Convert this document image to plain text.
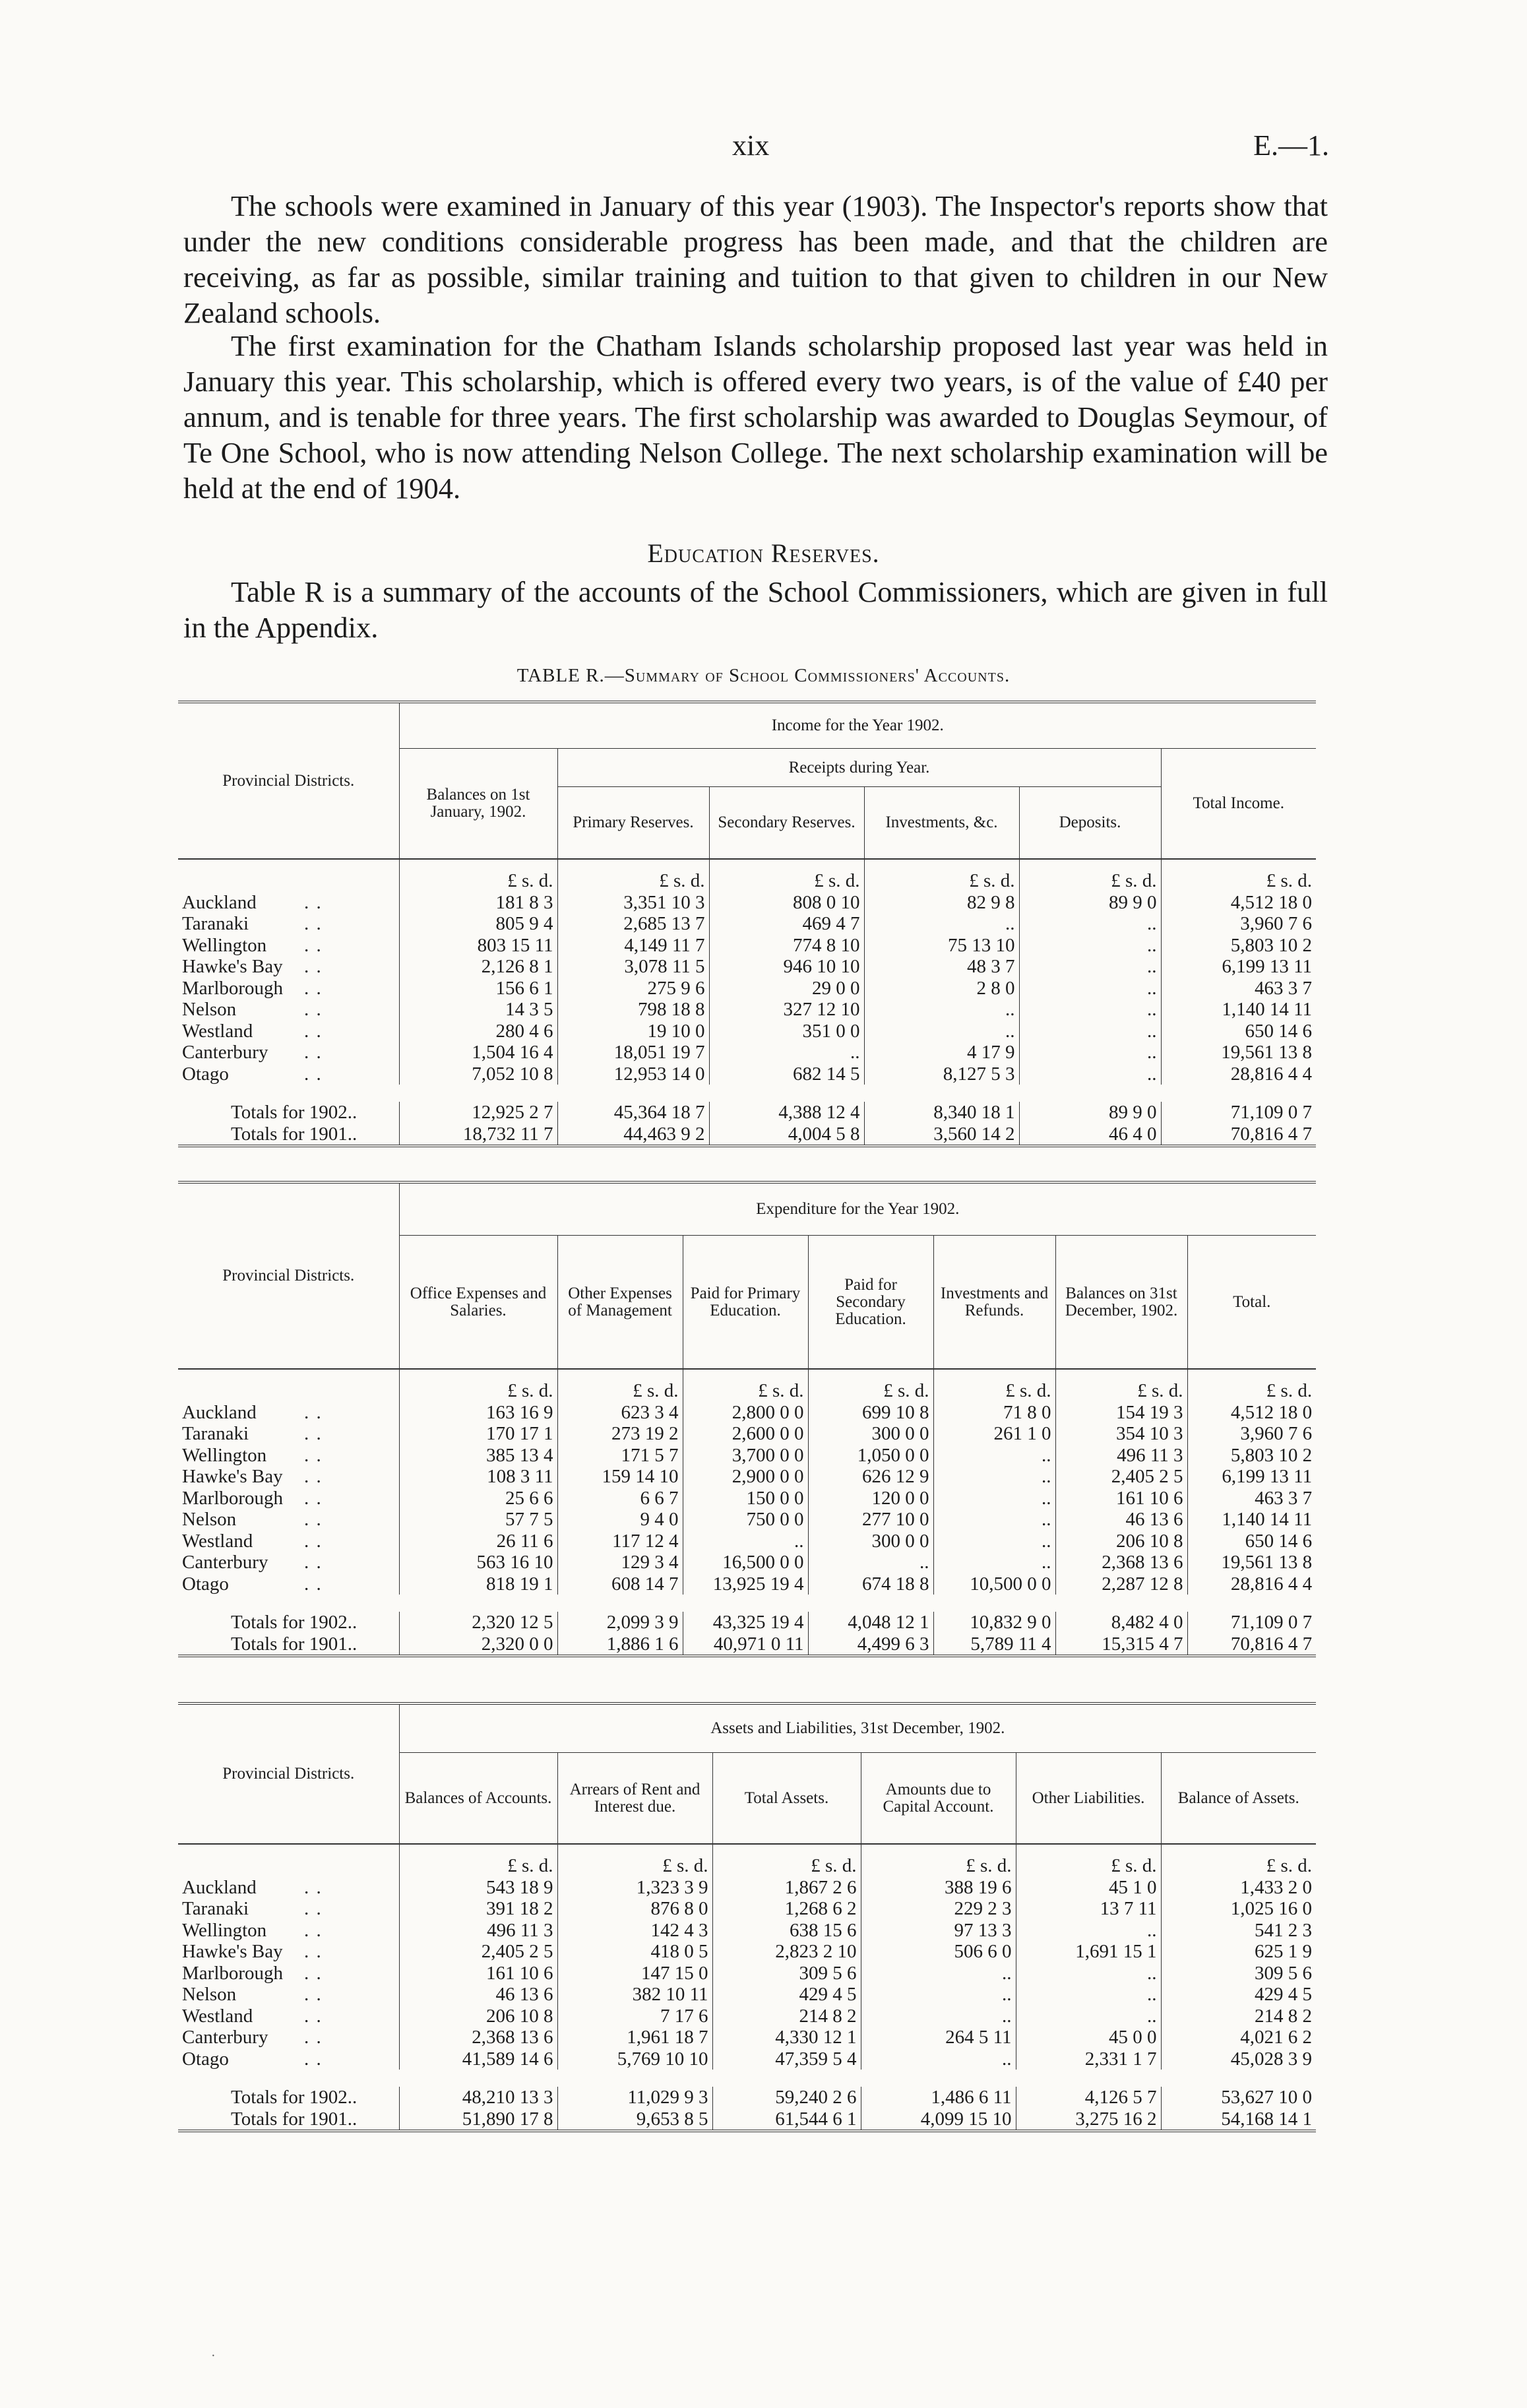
xix	E.—1.

The schools were examined in January of this year (1903). The Inspector's reports show that under the new conditions considerable progress has been made, and that the children are receiving, as far as possible, similar training and tuition to that given to children in our New Zealand schools.

The first examination for the Chatham Islands scholarship proposed last year was held in January this year. This scholarship, which is offered every two years, is of the value of £40 per annum, and is tenable for three years. The first scholarship was awarded to Douglas Seymour, of Te One School, who is now attending Nelson College. The next scholarship examination will be held at the end of 1904.

Education Reserves.

Table R is a summary of the accounts of the School Commissioners, which are given in full in the Appendix.

TABLE R.—Summary of School Commissioners' Accounts.
Provincial Districts.	Income for the Year 1902.					
	Balances on 1st January, 1902.	Receipts during Year.				Total Income.
		Primary Reserves.	Secondary Reserves.	Investments, &c.	Deposits.	
	£ s. d.	£ s. d.	£ s. d.	£ s. d.	£ s. d.	£ s. d.
Auckland . .	181 8 3	3,351 10 3	808 0 10	82 9 8	89 9 0	4,512 18 0
Taranaki . .	805 9 4	2,685 13 7	469 4 7	..	..	3,960 7 6
Wellington . .	803 15 11	4,149 11 7	774 8 10	75 13 10	..	5,803 10 2
Hawke's Bay . .	2,126 8 1	3,078 11 5	946 10 10	48 3 7	..	6,199 13 11
Marlborough . .	156 6 1	275 9 6	29 0 0	2 8 0	..	463 3 7
Nelson . .	14 3 5	798 18 8	327 12 10	..	..	1,140 14 11
Westland . .	280 4 6	19 10 0	351 0 0	..	..	650 14 6
Canterbury . .	1,504 16 4	18,051 19 7	..	4 17 9	..	19,561 13 8
Otago . .	7,052 10 8	12,953 14 0	682 14 5	8,127 5 3	..	28,816 4 4

Totals for 1902..	12,925 2 7	45,364 18 7	4,388 12 4	8,340 18 1	89 9 0	71,109 0 7
Totals for 1901..	18,732 11 7	44,463 9 2	4,004 5 8	3,560 14 2	46 4 0	70,816 4 7

Provincial Districts.	Expenditure for the Year 1902.						
	Office Expenses and Salaries.	Other Expenses of Management	Paid for Primary Education.	Paid for Secondary Education.	Investments and Refunds.	Balances on 31st December, 1902.	Total.
	£ s. d.	£ s. d.	£ s. d.	£ s. d.	£ s. d.	£ s. d.	£ s. d.
Auckland . .	163 16 9	623 3 4	2,800 0 0	699 10 8	71 8 0	154 19 3	4,512 18 0
Taranaki . .	170 17 1	273 19 2	2,600 0 0	300 0 0	261 1 0	354 10 3	3,960 7 6
Wellington . .	385 13 4	171 5 7	3,700 0 0	1,050 0 0	..	496 11 3	5,803 10 2
Hawke's Bay . .	108 3 11	159 14 10	2,900 0 0	626 12 9	..	2,405 2 5	6,199 13 11
Marlborough . .	25 6 6	6 6 7	150 0 0	120 0 0	..	161 10 6	463 3 7
Nelson . .	57 7 5	9 4 0	750 0 0	277 10 0	..	46 13 6	1,140 14 11
Westland . .	26 11 6	117 12 4	..	300 0 0	..	206 10 8	650 14 6
Canterbury . .	563 16 10	129 3 4	16,500 0 0	..	..	2,368 13 6	19,561 13 8
Otago . .	818 19 1	608 14 7	13,925 19 4	674 18 8	10,500 0 0	2,287 12 8	28,816 4 4

Totals for 1902..	2,320 12 5	2,099 3 9	43,325 19 4	4,048 12 1	10,832 9 0	8,482 4 0	71,109 0 7
Totals for 1901..	2,320 0 0	1,886 1 6	40,971 0 11	4,499 6 3	5,789 11 4	15,315 4 7	70,816 4 7

Provincial Districts.	Assets and Liabilities, 31st December, 1902.					
	Balances of Accounts.	Arrears of Rent and Interest due.	Total Assets.	Amounts due to Capital Account.	Other Liabilities.	Balance of Assets.
	£ s. d.	£ s. d.	£ s. d.	£ s. d.	£ s. d.	£ s. d.
Auckland . .	543 18 9	1,323 3 9	1,867 2 6	388 19 6	45 1 0	1,433 2 0
Taranaki . .	391 18 2	876 8 0	1,268 6 2	229 2 3	13 7 11	1,025 16 0
Wellington . .	496 11 3	142 4 3	638 15 6	97 13 3	..	541 2 3
Hawke's Bay . .	2,405 2 5	418 0 5	2,823 2 10	506 6 0	1,691 15 1	625 1 9
Marlborough . .	161 10 6	147 15 0	309 5 6	..	..	309 5 6
Nelson . .	46 13 6	382 10 11	429 4 5	..	..	429 4 5
Westland . .	206 10 8	7 17 6	214 8 2	..	..	214 8 2
Canterbury . .	2,368 13 6	1,961 18 7	4,330 12 1	264 5 11	45 0 0	4,021 6 2
Otago . .	41,589 14 6	5,769 10 10	47,359 5 4	..	2,331 1 7	45,028 3 9

Totals for 1902..	48,210 13 3	11,029 9 3	59,240 2 6	1,486 6 11	4,126 5 7	53,627 10 0
Totals for 1901..	51,890 17 8	9,653 8 5	61,544 6 1	4,099 15 10	3,275 16 2	54,168 14 1

·
